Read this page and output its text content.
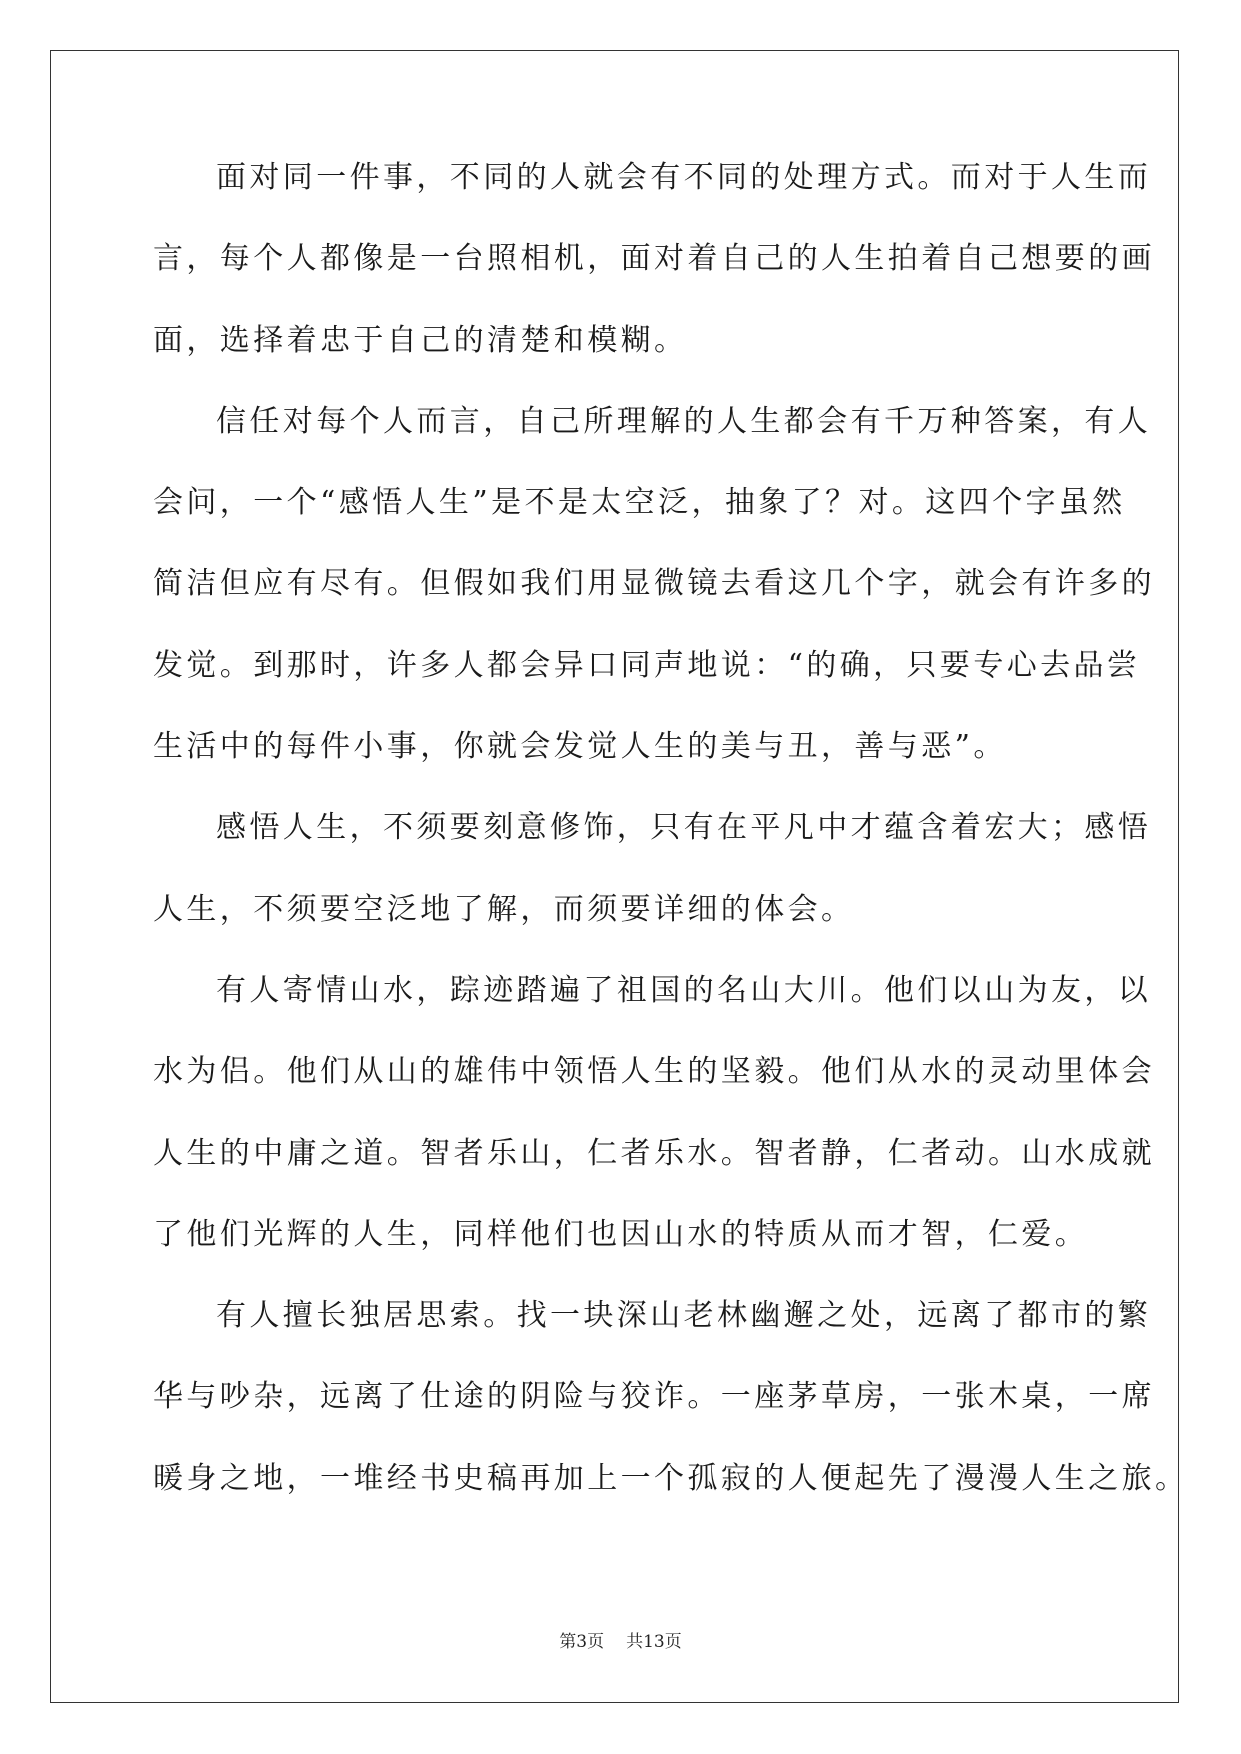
面对同一件事，不同的人就会有不同的处理方式。而对于人生而
言，每个人都像是一台照相机，面对着自己的人生拍着自己想要的画
面，选择着忠于自己的清楚和模糊。
信任对每个人而言，自己所理解的人生都会有千万种答案，有人
会问，一个“感悟人生”是不是太空泛，抽象了？对。这四个字虽然
简洁但应有尽有。但假如我们用显微镜去看这几个字，就会有许多的
发觉。到那时，许多人都会异口同声地说：“的确，只要专心去品尝
生活中的每件小事，你就会发觉人生的美与丑，善与恶”。
感悟人生，不须要刻意修饰，只有在平凡中才蕴含着宏大；感悟
人生，不须要空泛地了解，而须要详细的体会。
有人寄情山水，踪迹踏遍了祖国的名山大川。他们以山为友，以
水为侣。他们从山的雄伟中领悟人生的坚毅。他们从水的灵动里体会
人生的中庸之道。智者乐山，仁者乐水。智者静，仁者动。山水成就
了他们光辉的人生，同样他们也因山水的特质从而才智，仁爱。
有人擅长独居思索。找一块深山老林幽邂之处，远离了都市的繁
华与吵杂，远离了仕途的阴险与狡诈。一座茅草房，一张木桌，一席
暖身之地，一堆经书史稿再加上一个孤寂的人便起先了漫漫人生之旅。
第3页 共13页
